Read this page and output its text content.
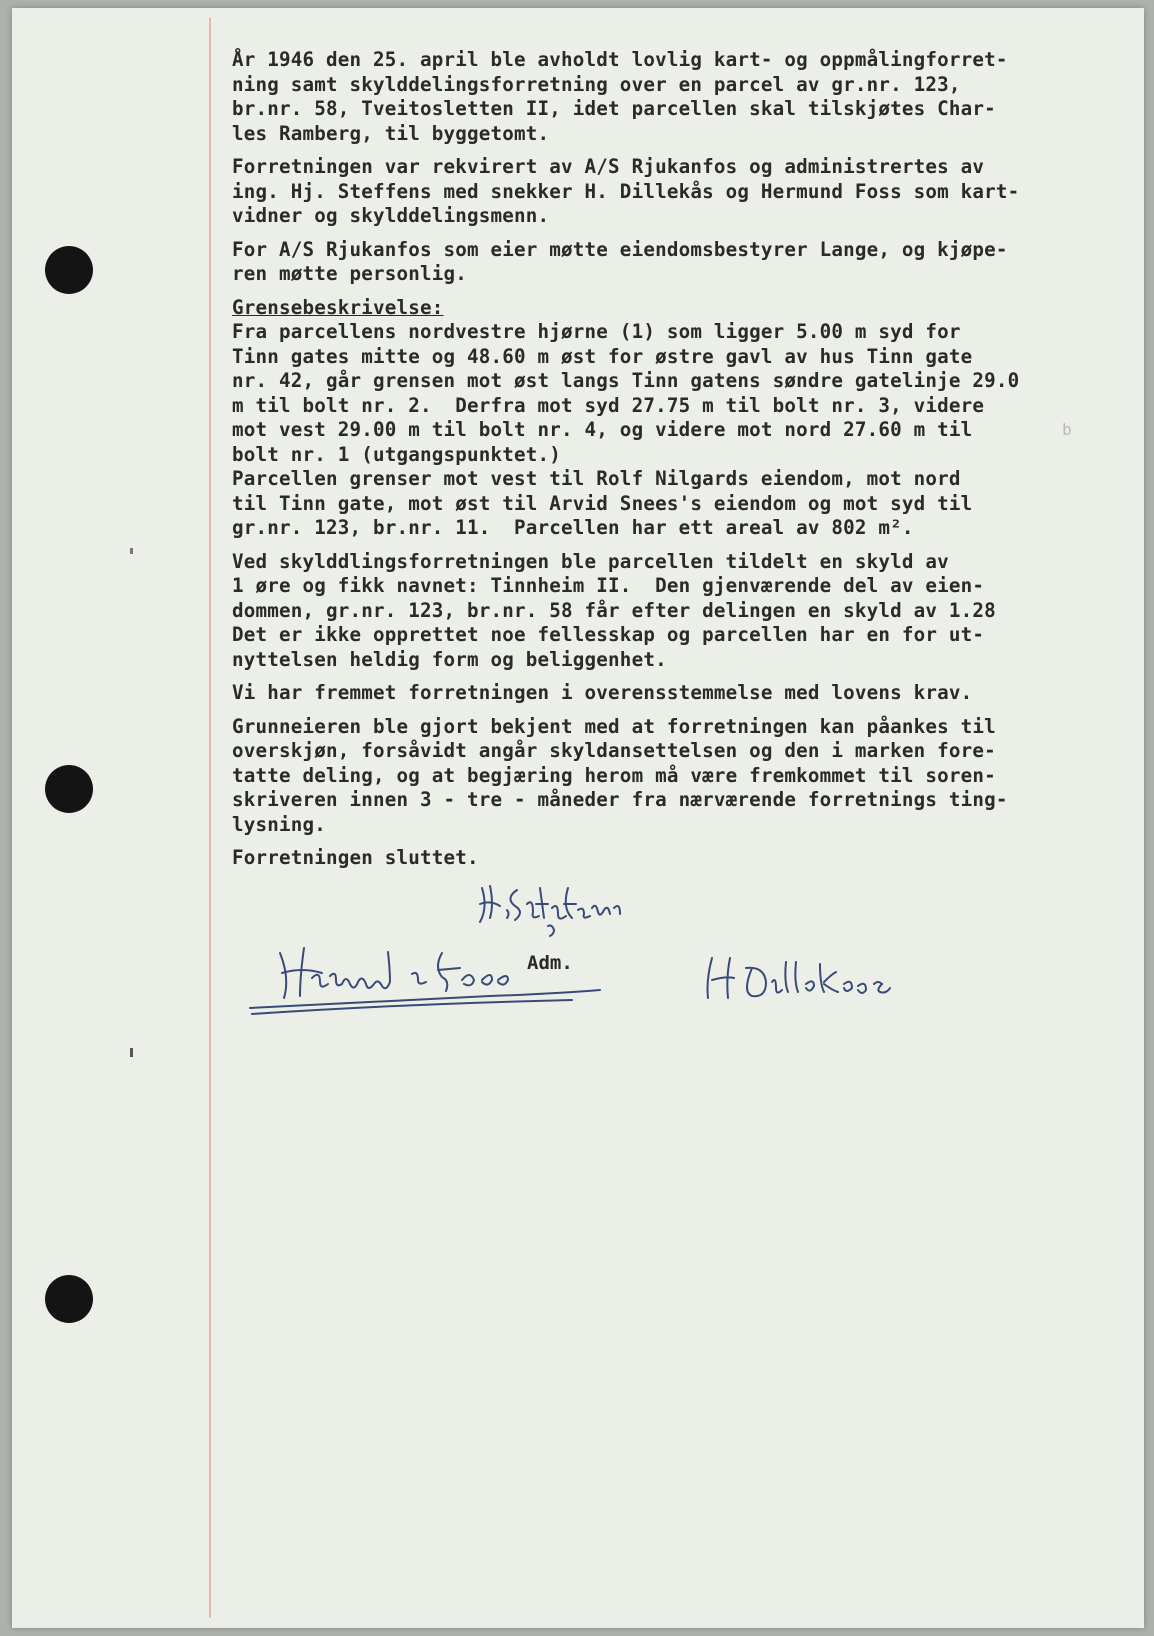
År 1946 den 25. april ble avholdt lovlig kart- og oppmålingforret-
ning samt skylddelingsforretning over en parcel av gr.nr. 123,
br.nr. 58, Tveitosletten II, idet parcellen skal tilskjøtes Char-
les Ramberg, til byggetomt.

Forretningen var rekvirert av A/S Rjukanfos og administrertes av
ing. Hj. Steffens med snekker H. Dillekås og Hermund Foss som kart-
vidner og skylddelingsmenn.

For A/S Rjukanfos som eier møtte eiendomsbestyrer Lange, og kjøpe-
ren møtte personlig.

Grensebeskrivelse:

Fra parcellens nordvestre hjørne (1) som ligger 5.00 m syd for
Tinn gates mitte og 48.60 m øst for østre gavl av hus Tinn gate
nr. 42, går grensen mot øst langs Tinn gatens søndre gatelinje 29.0
m til bolt nr. 2.  Derfra mot syd 27.75 m til bolt nr. 3, videre
mot vest 29.00 m til bolt nr. 4, og videre mot nord 27.60 m til
bolt nr. 1 (utgangspunktet.)

Parcellen grenser mot vest til Rolf Nilgards eiendom, mot nord
til Tinn gate, mot øst til Arvid Snees's eiendom og mot syd til
gr.nr. 123, br.nr. 11.  Parcellen har ett areal av 802 m².

Ved skylddlingsforretningen ble parcellen tildelt en skyld av
1 øre og fikk navnet: Tinnheim II.  Den gjenværende del av eien-
dommen, gr.nr. 123, br.nr. 58 får efter delingen en skyld av 1.28
Det er ikke opprettet noe fellesskap og parcellen har en for ut-
nyttelsen heldig form og beliggenhet.

Vi har fremmet forretningen i overensstemmelse med lovens krav.

Grunneieren ble gjort bekjent med at forretningen kan påankes til
overskjøn, forsåvidt angår skyldansettelsen og den i marken fore-
tatte deling, og at begjæring herom må være fremkommet til soren-
skriveren innen 3 - tre - måneder fra nærværende forretnings ting-
lysning.

Forretningen sluttet.

b
Adm.
